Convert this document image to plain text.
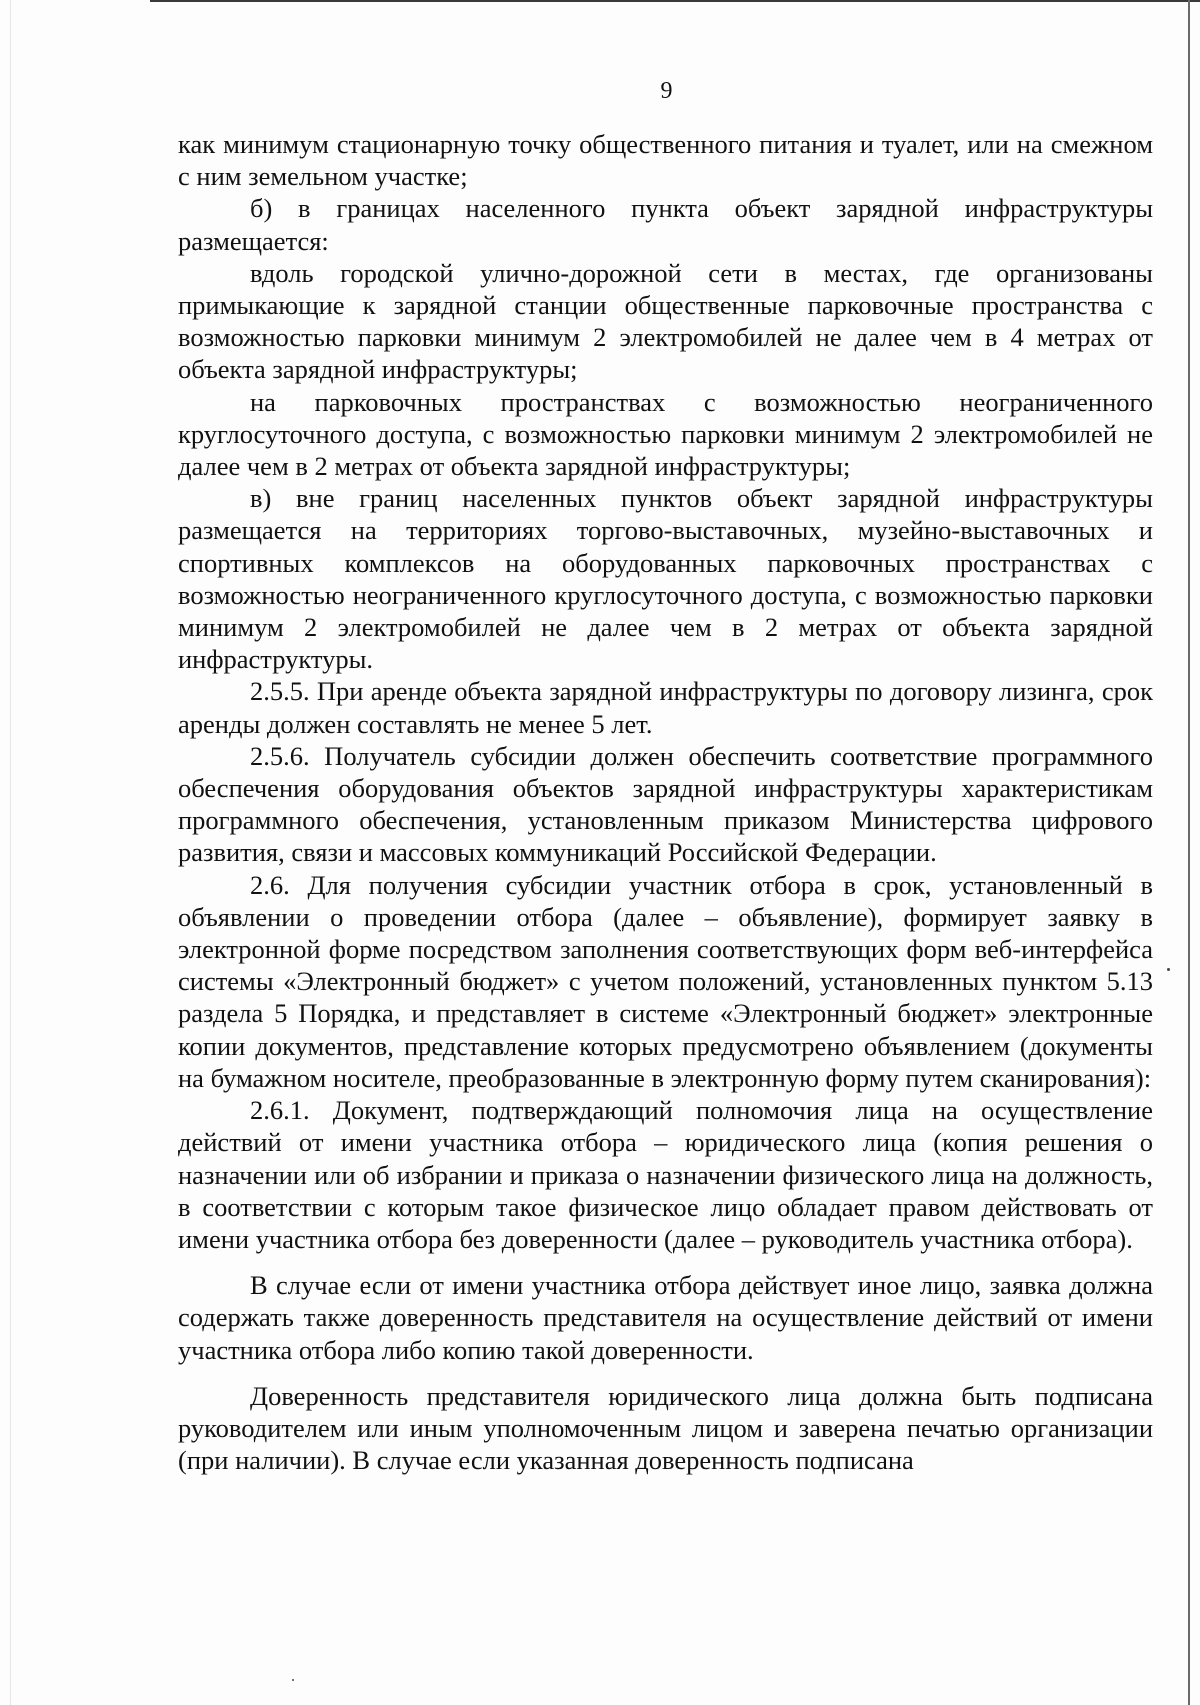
9

как минимум стационарную точку общественного питания и туалет, или на смежном с ним земельном участке;

б) в границах населенного пункта объект зарядной инфраструктуры размещается:

вдоль городской улично-дорожной сети в местах, где организованы примыкающие к зарядной станции общественные парковочные пространства с возможностью парковки минимум 2 электромобилей не далее чем в 4 метрах от объекта зарядной инфраструктуры;

на парковочных пространствах с возможностью неограниченного круглосуточного доступа, с возможностью парковки минимум 2 электромобилей не далее чем в 2 метрах от объекта зарядной инфраструктуры;

в) вне границ населенных пунктов объект зарядной инфраструктуры размещается на территориях торгово-выставочных, музейно-выставочных и спортивных комплексов на оборудованных парковочных пространствах с возможностью неограниченного круглосуточного доступа, с возможностью парковки минимум 2 электромобилей не далее чем в 2 метрах от объекта зарядной инфраструктуры.

2.5.5. При аренде объекта зарядной инфраструктуры по договору лизинга, срок аренды должен составлять не менее 5 лет.

2.5.6. Получатель субсидии должен обеспечить соответствие программного обеспечения оборудования объектов зарядной инфраструктуры характеристикам программного обеспечения, установленным приказом Министерства цифрового развития, связи и массовых коммуникаций Российской Федерации.

2.6. Для получения субсидии участник отбора в срок, установленный в объявлении о проведении отбора (далее – объявление), формирует заявку в электронной форме посредством заполнения соответствующих форм веб-интерфейса системы «Электронный бюджет» с учетом положений, установленных пунктом 5.13 раздела 5 Порядка, и представляет в системе «Электронный бюджет» электронные копии документов, представление которых предусмотрено объявлением (документы на бумажном носителе, преобразованные в электронную форму путем сканирования):

2.6.1. Документ, подтверждающий полномочия лица на осуществление действий от имени участника отбора – юридического лица (копия решения о назначении или об избрании и приказа о назначении физического лица на должность, в соответствии с которым такое физическое лицо обладает правом действовать от имени участника отбора без доверенности (далее – руководитель участника отбора).

В случае если от имени участника отбора действует иное лицо, заявка должна содержать также доверенность представителя на осуществление действий от имени участника отбора либо копию такой доверенности.

Доверенность представителя юридического лица должна быть подписана руководителем или иным уполномоченным лицом и заверена печатью организации (при наличии). В случае если указанная доверенность подписана
